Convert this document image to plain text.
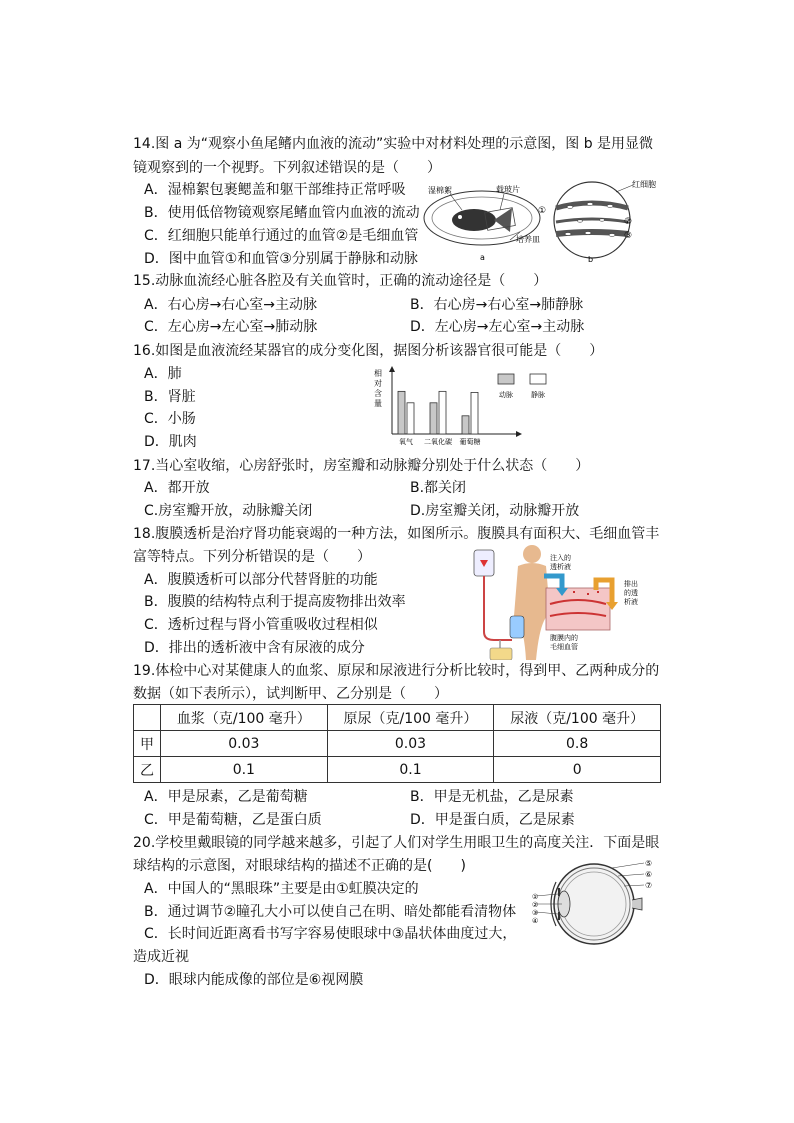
14.图 a 为“观察小鱼尾鳍内血液的流动”实验中对材料处理的示意图，图 b 是用显微
镜观察到的一个视野。下列叙述错误的是（　　）
A．湿棉絮包裹鳃盖和躯干部维持正常呼吸
B．使用低倍物镜观察尾鳍血管内血液的流动
C．红细胞只能单行通过的血管②是毛细血管
D．图中血管①和血管③分别属于静脉和动脉
湿棉絮	载玻片
培养皿
a
红细胞
①
②
③
b
15.动脉血流经心脏各腔及有关血管时，正确的流动途径是（　　）
A．右心房→右心室→主动脉	B．右心房→右心室→肺静脉
C．左心房→左心室→肺动脉	D．左心房→左心室→主动脉
16.如图是血液流经某器官的成分变化图，据图分析该器官很可能是（　　）
A．肺
B．肾脏
C．小肠
D．肌肉
相
对
含
量
氧气 二氧化碳 葡萄糖
动脉	静脉
17.当心室收缩，心房舒张时，房室瓣和动脉瓣分别处于什么状态（　　）
A．都开放	B.都关闭
C.房室瓣开放，动脉瓣关闭	D.房室瓣关闭，动脉瓣开放
18.腹膜透析是治疗肾功能衰竭的一种方法，如图所示。腹膜具有面积大、毛细血管丰
富等特点。下列分析错误的是（　　）
A．腹膜透析可以部分代替肾脏的功能
B．腹膜的结构特点利于提高废物排出效率
C．透析过程与肾小管重吸收过程相似
D．排出的透析液中含有尿液的成分
注入的
透析液
排出
的透
析液
腹膜内的
毛细血管
19.体检中心对某健康人的血浆、原尿和尿液进行分析比较时，得到甲、乙两种成分的
数据（如下表所示），试判断甲、乙分别是（　　）
	血浆（克/100 毫升）	原尿（克/100 毫升）	尿液（克/100 毫升）
甲	0.03	0.03	0.8
乙	0.1	0.1	0
A．甲是尿素，乙是葡萄糖	B．甲是无机盐，乙是尿素
C．甲是葡萄糖，乙是蛋白质	D．甲是蛋白质，乙是尿素
20.学校里戴眼镜的同学越来越多，引起了人们对学生用眼卫生的高度关注．下面是眼
球结构的示意图，对眼球结构的描述不正确的是(　　)
A．中国人的“黑眼珠”主要是由①虹膜决定的
B．通过调节②瞳孔大小可以使自己在明、暗处都能看清物体
C．长时间近距离看书写字容易使眼球中③晶状体曲度过大，
造成近视
D．眼球内能成像的部位是⑥视网膜
⑤
⑥
⑦
①
②
③
④
